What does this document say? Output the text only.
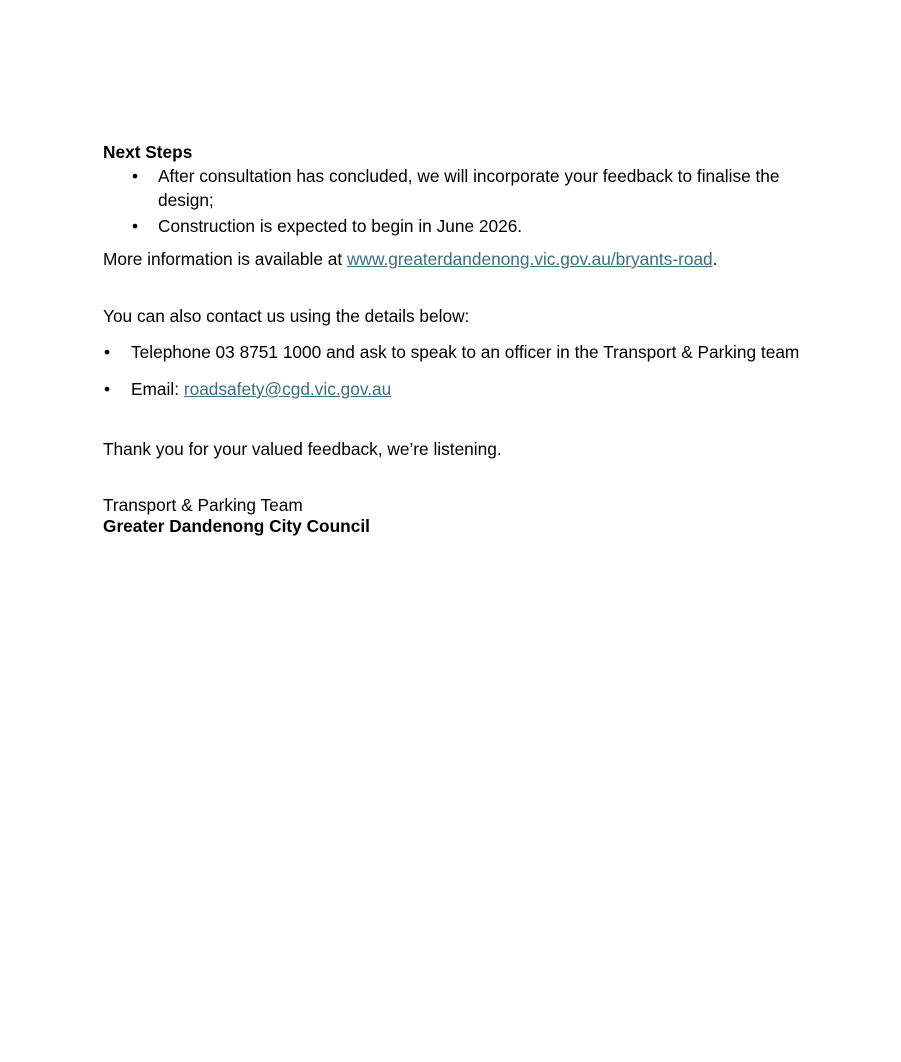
Next Steps

• After consultation has concluded, we will incorporate your feedback to finalise the design;
• Construction is expected to begin in June 2026.

More information is available at www.greaterdandenong.vic.gov.au/bryants-road.

You can also contact us using the details below:

• Telephone 03 8751 1000 and ask to speak to an officer in the Transport & Parking team
• Email: roadsafety@cgd.vic.gov.au

Thank you for your valued feedback, we’re listening.

Transport & Parking Team
Greater Dandenong City Council
